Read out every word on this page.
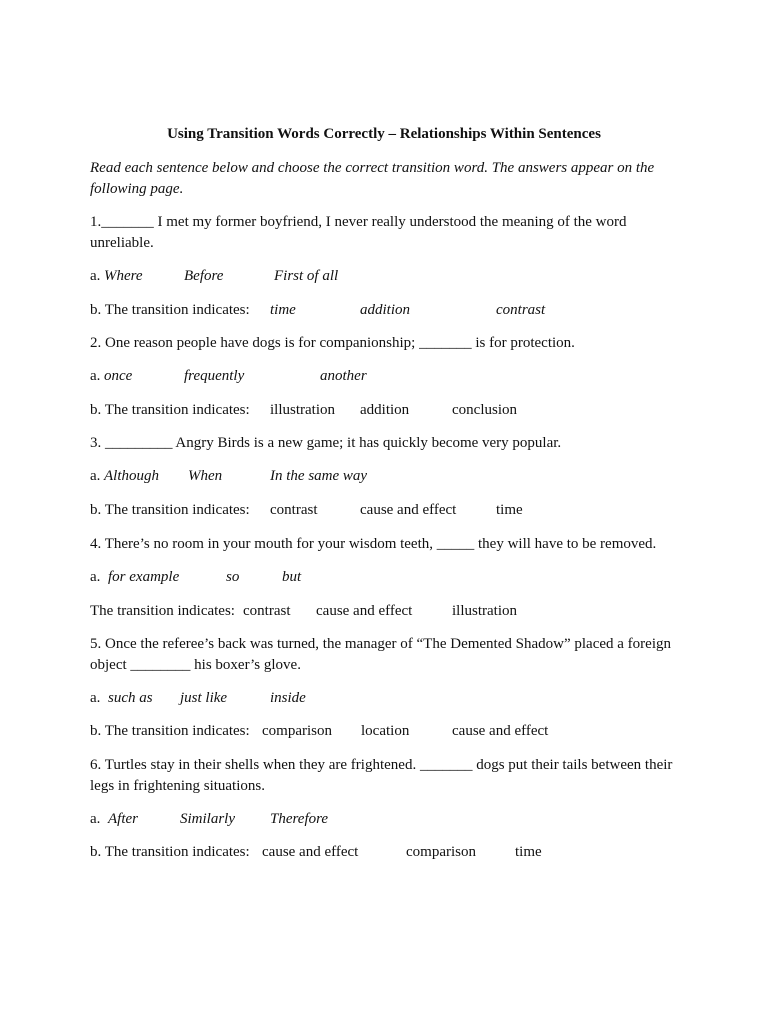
Using Transition Words Correctly – Relationships Within Sentences

Read each sentence below and choose the correct transition word. The answers appear on the following page.

1._______ I met my former boyfriend, I never really understood the meaning of the word unreliable.

a. Where	Before	First of all
b. The transition indicates: time	addition	contrast

2. One reason people have dogs is for companionship; _______ is for protection.

a. once	frequently	another
b. The transition indicates: illustration addition	conclusion

3. _________ Angry Birds is a new game; it has quickly become very popular.

a. Although When	In the same way
b. The transition indicates: contrast	cause and effect	time

4. There’s no room in your mouth for your wisdom teeth, _____ they will have to be removed.

a. for example	so	but
The transition indicates: contrast cause and effect	illustration

5. Once the referee’s back was turned, the manager of “The Demented Shadow” placed a foreign object ________ his boxer’s glove.

a. such as just like	inside
b. The transition indicates: comparison location	cause and effect

6. Turtles stay in their shells when they are frightened. _______ dogs put their tails between their legs in frightening situations.

a. After	Similarly Therefore
b. The transition indicates: cause and effect	comparison	time
